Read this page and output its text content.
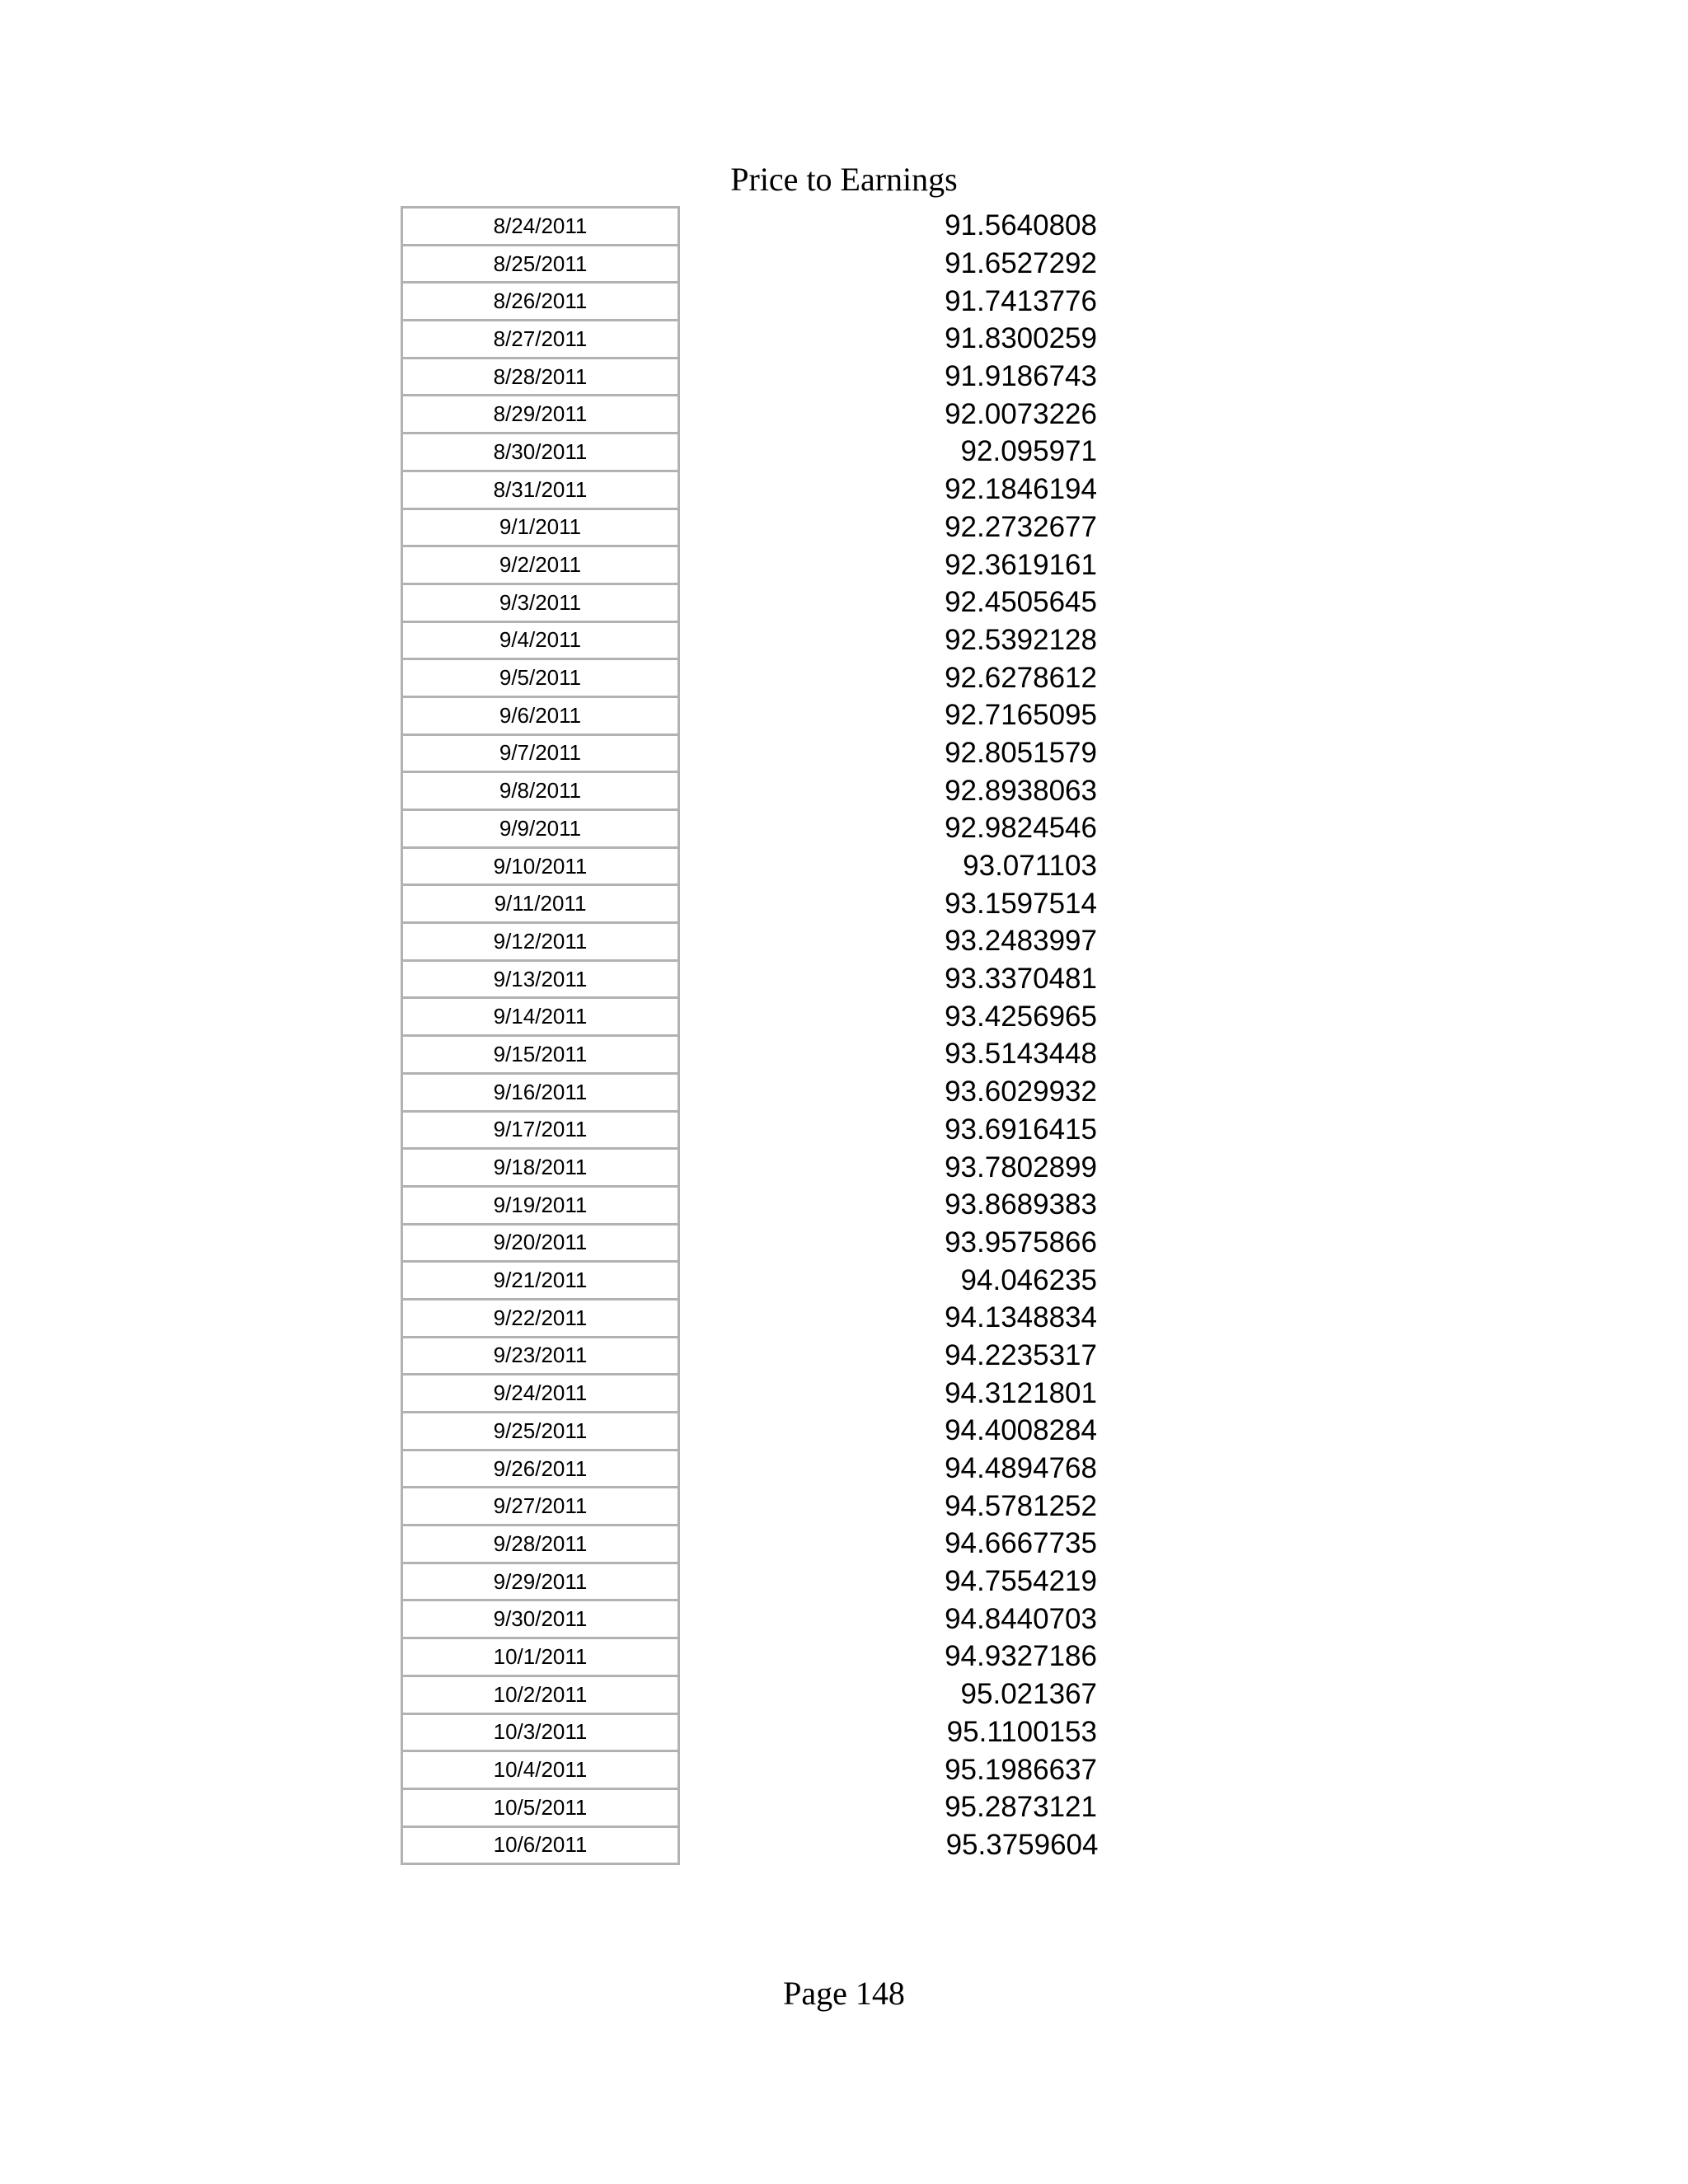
Price to Earnings
8/24/2011	91.5640808
8/25/2011	91.6527292
8/26/2011	91.7413776
8/27/2011	91.8300259
8/28/2011	91.9186743
8/29/2011	92.0073226
8/30/2011	92.095971
8/31/2011	92.1846194
9/1/2011	92.2732677
9/2/2011	92.3619161
9/3/2011	92.4505645
9/4/2011	92.5392128
9/5/2011	92.6278612
9/6/2011	92.7165095
9/7/2011	92.8051579
9/8/2011	92.8938063
9/9/2011	92.9824546
9/10/2011	93.071103
9/11/2011	93.1597514
9/12/2011	93.2483997
9/13/2011	93.3370481
9/14/2011	93.4256965
9/15/2011	93.5143448
9/16/2011	93.6029932
9/17/2011	93.6916415
9/18/2011	93.7802899
9/19/2011	93.8689383
9/20/2011	93.9575866
9/21/2011	94.046235
9/22/2011	94.1348834
9/23/2011	94.2235317
9/24/2011	94.3121801
9/25/2011	94.4008284
9/26/2011	94.4894768
9/27/2011	94.5781252
9/28/2011	94.6667735
9/29/2011	94.7554219
9/30/2011	94.8440703
10/1/2011	94.9327186
10/2/2011	95.021367
10/3/2011	95.1100153
10/4/2011	95.1986637
10/5/2011	95.2873121
10/6/2011	95.3759604
Page 148
